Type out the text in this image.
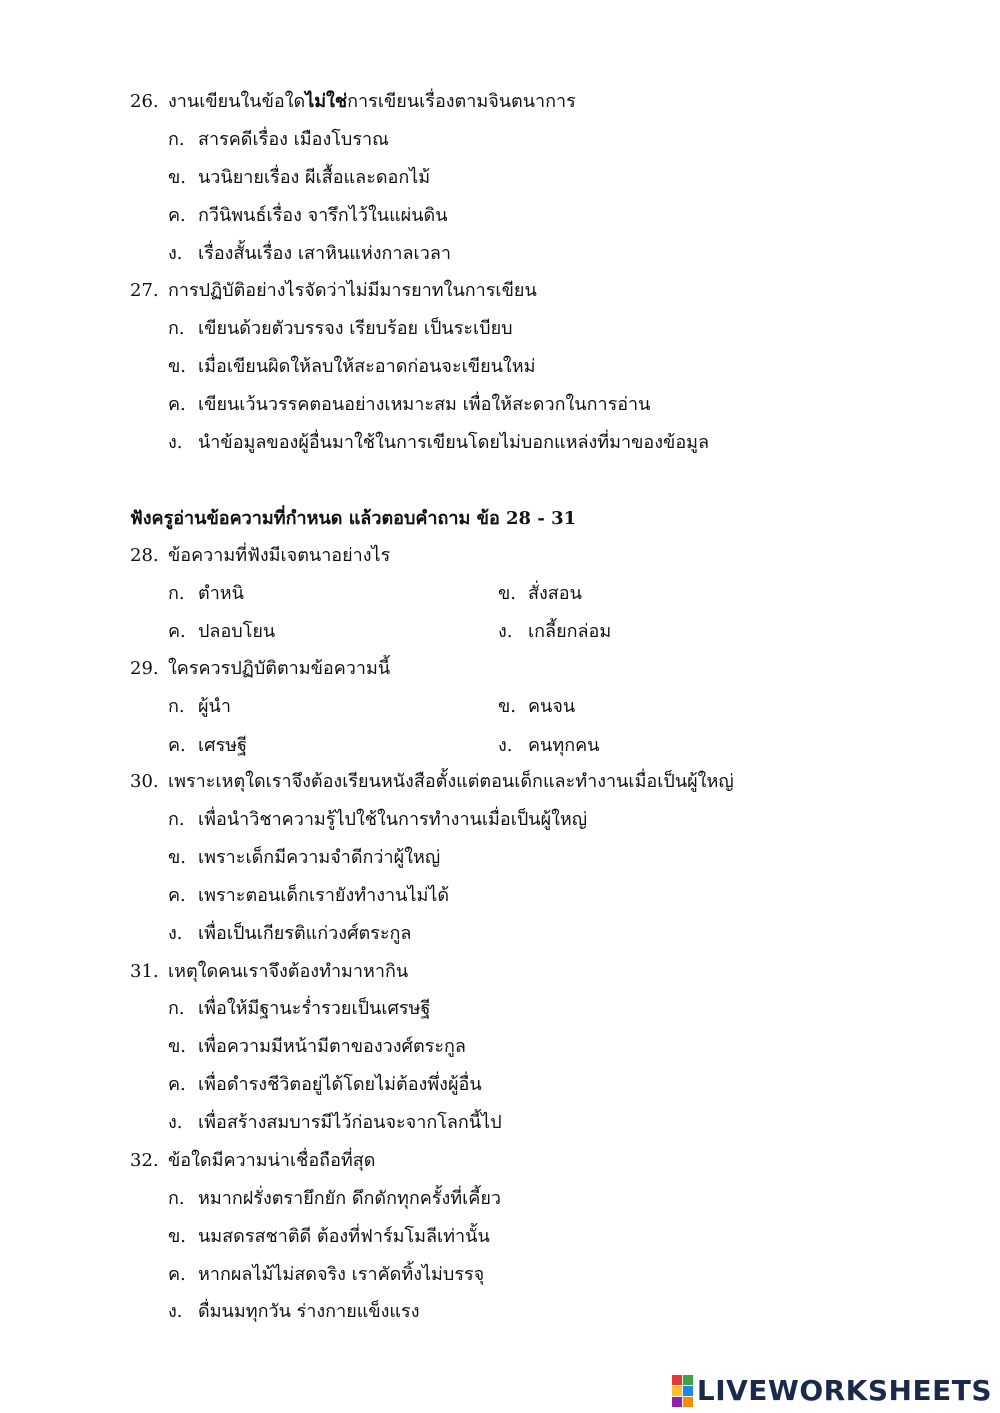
26. งานเขียนในข้อใดไม่ใช่การเขียนเรื่องตามจินตนาการ
ก. สารคดีเรื่อง เมืองโบราณ
ข. นวนิยายเรื่อง ผีเสื้อและดอกไม้
ค. กวีนิพนธ์เรื่อง จารึกไว้ในแผ่นดิน
ง. เรื่องสั้นเรื่อง เสาหินแห่งกาลเวลา
27. การปฏิบัติอย่างไรจัดว่าไม่มีมารยาทในการเขียน
ก. เขียนด้วยตัวบรรจง เรียบร้อย เป็นระเบียบ
ข. เมื่อเขียนผิดให้ลบให้สะอาดก่อนจะเขียนใหม่
ค. เขียนเว้นวรรคตอนอย่างเหมาะสม เพื่อให้สะดวกในการอ่าน
ง. นำข้อมูลของผู้อื่นมาใช้ในการเขียนโดยไม่บอกแหล่งที่มาของข้อมูล
ฟังครูอ่านข้อความที่กำหนด แล้วตอบคำถาม ข้อ 28 - 31
28. ข้อความที่ฟังมีเจตนาอย่างไร
ก. ตำหนิ	ข. สั่งสอน
ค. ปลอบโยน	ง. เกลี้ยกล่อม
29. ใครควรปฏิบัติตามข้อความนี้
ก. ผู้นำ	ข. คนจน
ค. เศรษฐี	ง. คนทุกคน
30. เพราะเหตุใดเราจึงต้องเรียนหนังสือตั้งแต่ตอนเด็กและทำงานเมื่อเป็นผู้ใหญ่
ก. เพื่อนำวิชาความรู้ไปใช้ในการทำงานเมื่อเป็นผู้ใหญ่
ข. เพราะเด็กมีความจำดีกว่าผู้ใหญ่
ค. เพราะตอนเด็กเรายังทำงานไม่ได้
ง. เพื่อเป็นเกียรติแก่วงศ์ตระกูล
31. เหตุใดคนเราจึงต้องทำมาหากิน
ก. เพื่อให้มีฐานะร่ำรวยเป็นเศรษฐี
ข. เพื่อความมีหน้ามีตาของวงศ์ตระกูล
ค. เพื่อดำรงชีวิตอยู่ได้โดยไม่ต้องพึ่งผู้อื่น
ง. เพื่อสร้างสมบารมีไว้ก่อนจะจากโลกนี้ไป
32. ข้อใดมีความน่าเชื่อถือที่สุด
ก. หมากฝรั่งตรายึกยัก ดึกดักทุกครั้งที่เคี้ยว
ข. นมสดรสชาติดี ต้องที่ฟาร์มโมลีเท่านั้น
ค. หากผลไม้ไม่สดจริง เราคัดทิ้งไม่บรรจุ
ง. ดื่มนมทุกวัน ร่างกายแข็งแรง
LIVEWORKSHEETS
